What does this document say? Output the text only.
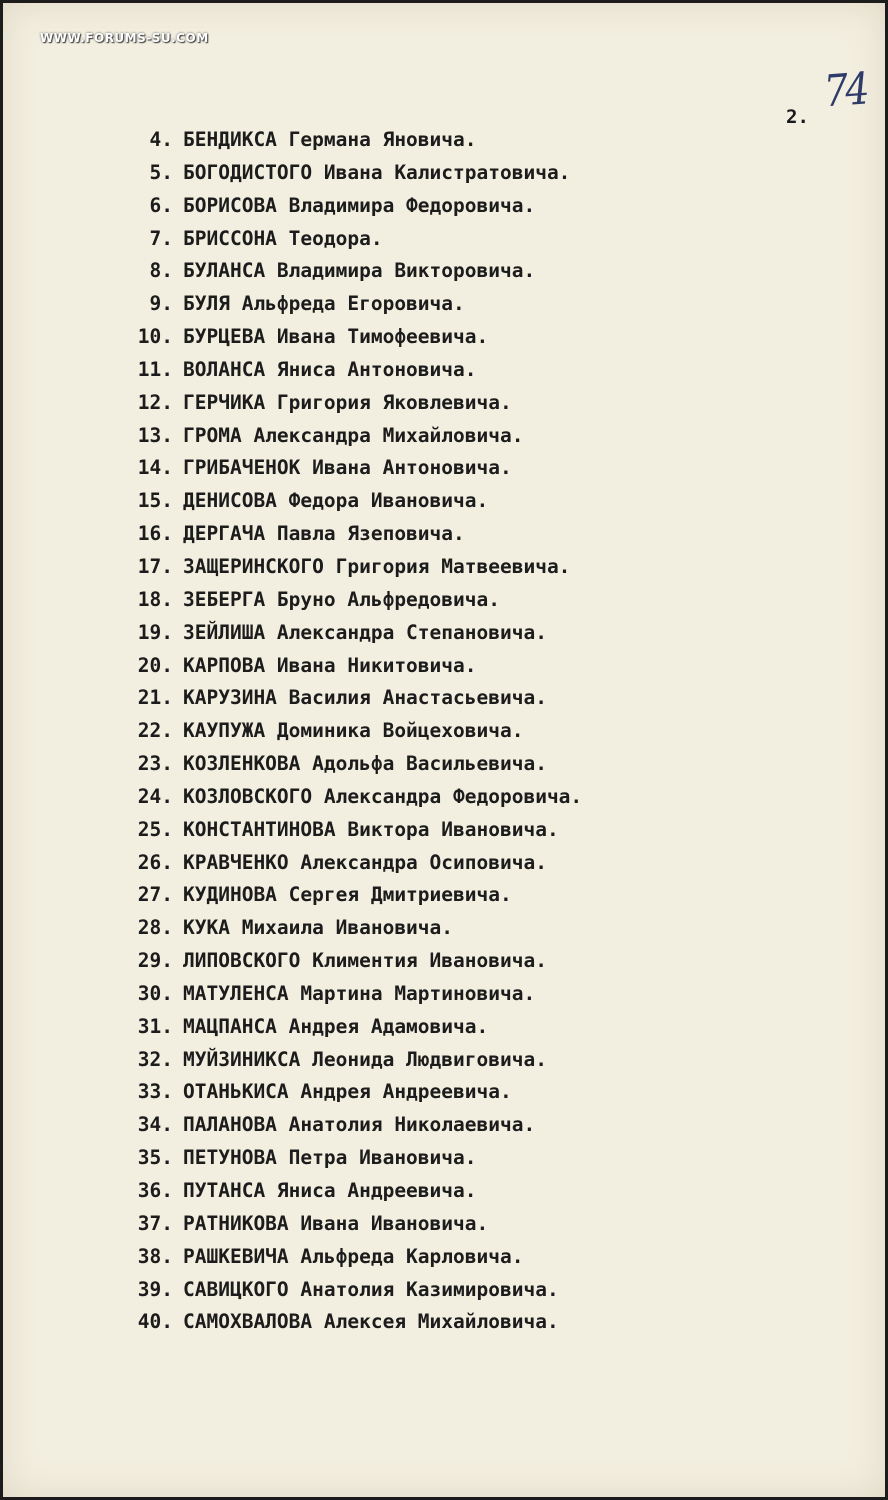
WWW.FORUMS-SU.COM
74
2.
4. БЕНДИКСА Германа Яновича.
5. БОГОДИСТОГО Ивана Калистратовича.
6. БОРИСОВА Владимира Федоровича.
7. БРИССОНА Теодора.
8. БУЛАНСА Владимира Викторовича.
9. БУЛЯ Альфреда Егоровича.
10. БУРЦЕВА Ивана Тимофеевича.
11. ВОЛАНСА Яниса Антоновича.
12. ГЕРЧИКА Григория Яковлевича.
13. ГРОМА Александра Михайловича.
14. ГРИБАЧЕНОК Ивана Антоновича.
15. ДЕНИСОВА Федора Ивановича.
16. ДЕРГАЧА Павла Язеповича.
17. ЗАЩЕРИНСКОГО Григория Матвеевича.
18. ЗЕБЕРГА Бруно Альфредовича.
19. ЗЕЙЛИША Александра Степановича.
20. КАРПОВА Ивана Никитовича.
21. КАРУЗИНА Василия Анастасьевича.
22. КАУПУЖА Доминика Войцеховича.
23. КОЗЛЕНКОВА Адольфа Васильевича.
24. КОЗЛОВСКОГО Александра Федоровича.
25. КОНСТАНТИНОВА Виктора Ивановича.
26. КРАВЧЕНКО Александра Осиповича.
27. КУДИНОВА Сергея Дмитриевича.
28. КУКА Михаила Ивановича.
29. ЛИПОВСКОГО Климентия Ивановича.
30. МАТУЛЕНСА Мартина Мартиновича.
31. МАЦПАНСА Андрея Адамовича.
32. МУЙЗИНИКСА Леонида Людвиговича.
33. ОТАНЬКИСА Андрея Андреевича.
34. ПАЛАНОВА Анатолия Николаевича.
35. ПЕТУНОВА Петра Ивановича.
36. ПУТАНСА Яниса Андреевича.
37. РАТНИКОВА Ивана Ивановича.
38. РАШКЕВИЧА Альфреда Карловича.
39. САВИЦКОГО Анатолия Казимировича.
40. САМОХВАЛОВА Алексея Михайловича.
